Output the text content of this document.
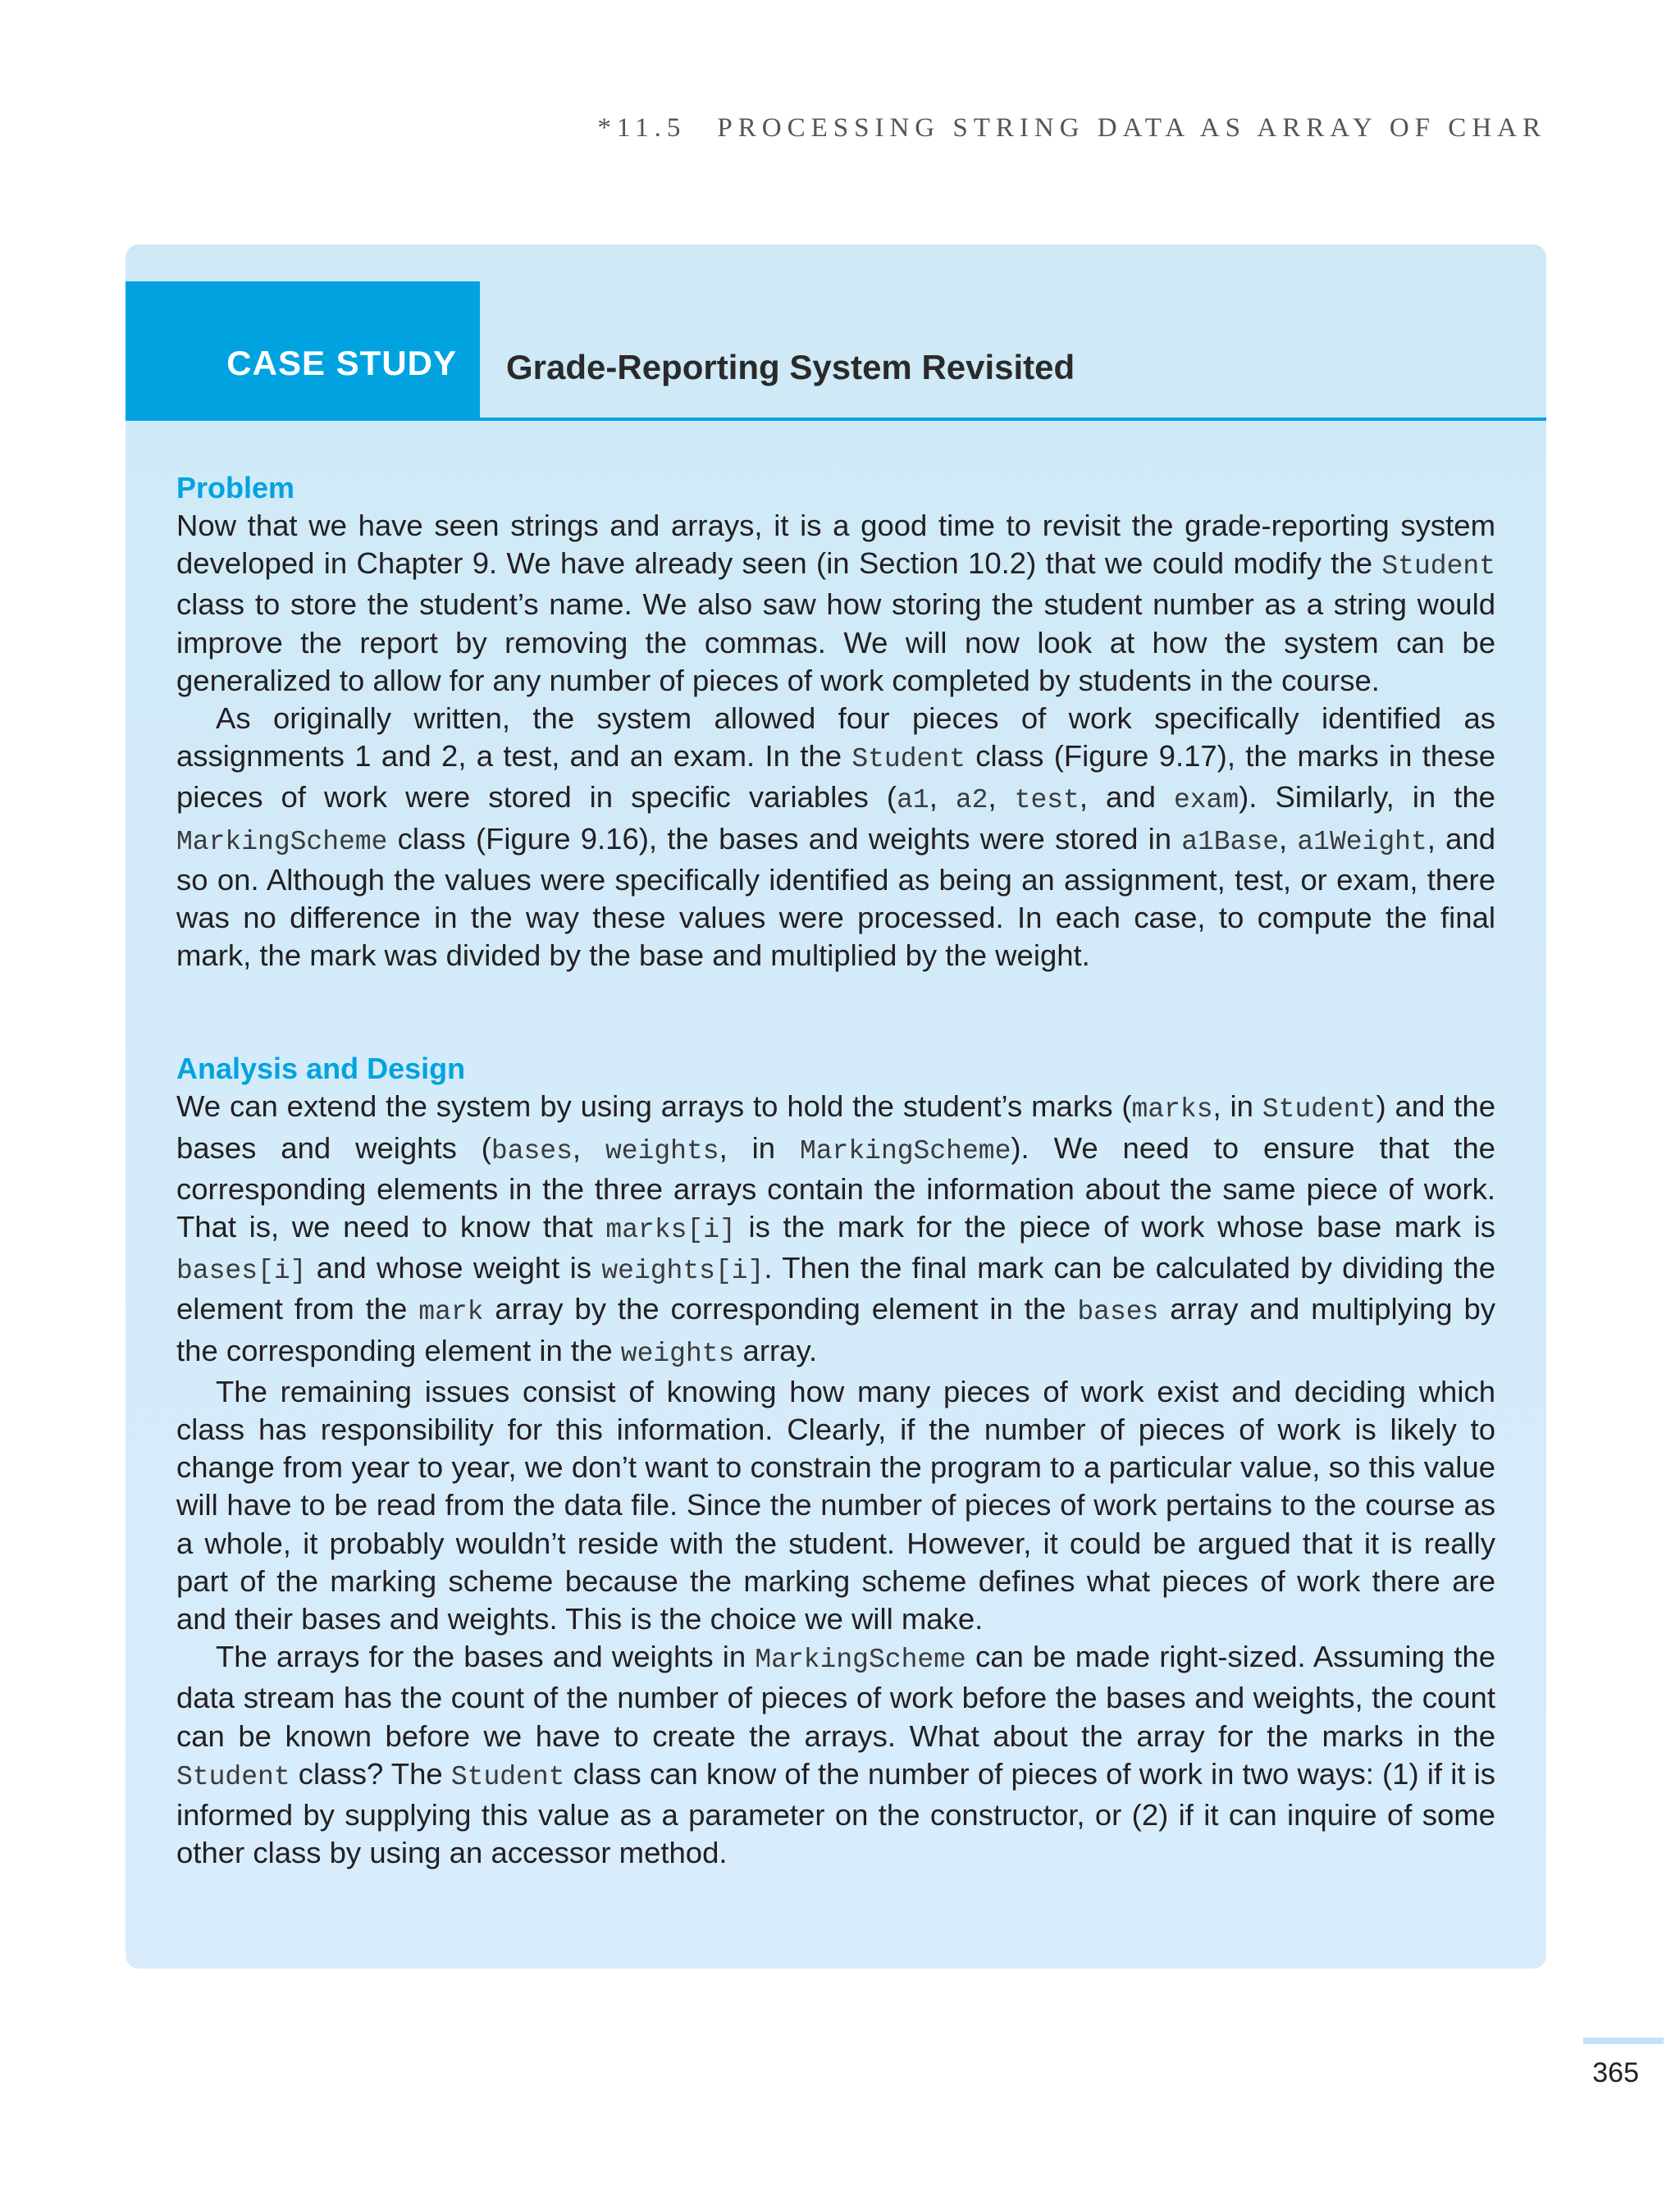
*11.5 PROCESSING STRING DATA AS ARRAY OF CHAR
CASE STUDY	Grade-Reporting System Revisited
Problem

Now that we have seen strings and arrays, it is a good time to revisit the grade-reporting system developed in Chapter 9. We have already seen (in Section 10.2) that we could modify the Student class to store the student’s name. We also saw how storing the student number as a string would improve the report by removing the commas. We will now look at how the system can be generalized to allow for any number of pieces of work completed by students in the course.

As originally written, the system allowed four pieces of work specifically identified as assignments 1 and 2, a test, and an exam. In the Student class (Figure 9.17), the marks in these pieces of work were stored in specific variables (a1, a2, test, and exam). Similarly, in the MarkingScheme class (Figure 9.16), the bases and weights were stored in a1Base, a1Weight, and so on. Although the values were specifically identified as being an assignment, test, or exam, there was no difference in the way these values were processed. In each case, to compute the final mark, the mark was divided by the base and multiplied by the weight.

Analysis and Design

We can extend the system by using arrays to hold the student’s marks (marks, in Student) and the bases and weights (bases, weights, in MarkingScheme). We need to ensure that the corresponding elements in the three arrays contain the information about the same piece of work. That is, we need to know that marks[i] is the mark for the piece of work whose base mark is bases[i] and whose weight is weights[i]. Then the final mark can be calculated by dividing the element from the mark array by the corresponding element in the bases array and multiplying by the corresponding element in the weights array.

The remaining issues consist of knowing how many pieces of work exist and deciding which class has responsibility for this information. Clearly, if the number of pieces of work is likely to change from year to year, we don’t want to constrain the program to a particular value, so this value will have to be read from the data file. Since the number of pieces of work pertains to the course as a whole, it probably wouldn’t reside with the student. However, it could be argued that it is really part of the marking scheme because the marking scheme defines what pieces of work there are and their bases and weights. This is the choice we will make.

The arrays for the bases and weights in MarkingScheme can be made right-sized. Assuming the data stream has the count of the number of pieces of work before the bases and weights, the count can be known before we have to create the arrays. What about the array for the marks in the Student class? The Student class can know of the number of pieces of work in two ways: (1) if it is informed by supplying this value as a parameter on the constructor, or (2) if it can inquire of some other class by using an accessor method.

365
